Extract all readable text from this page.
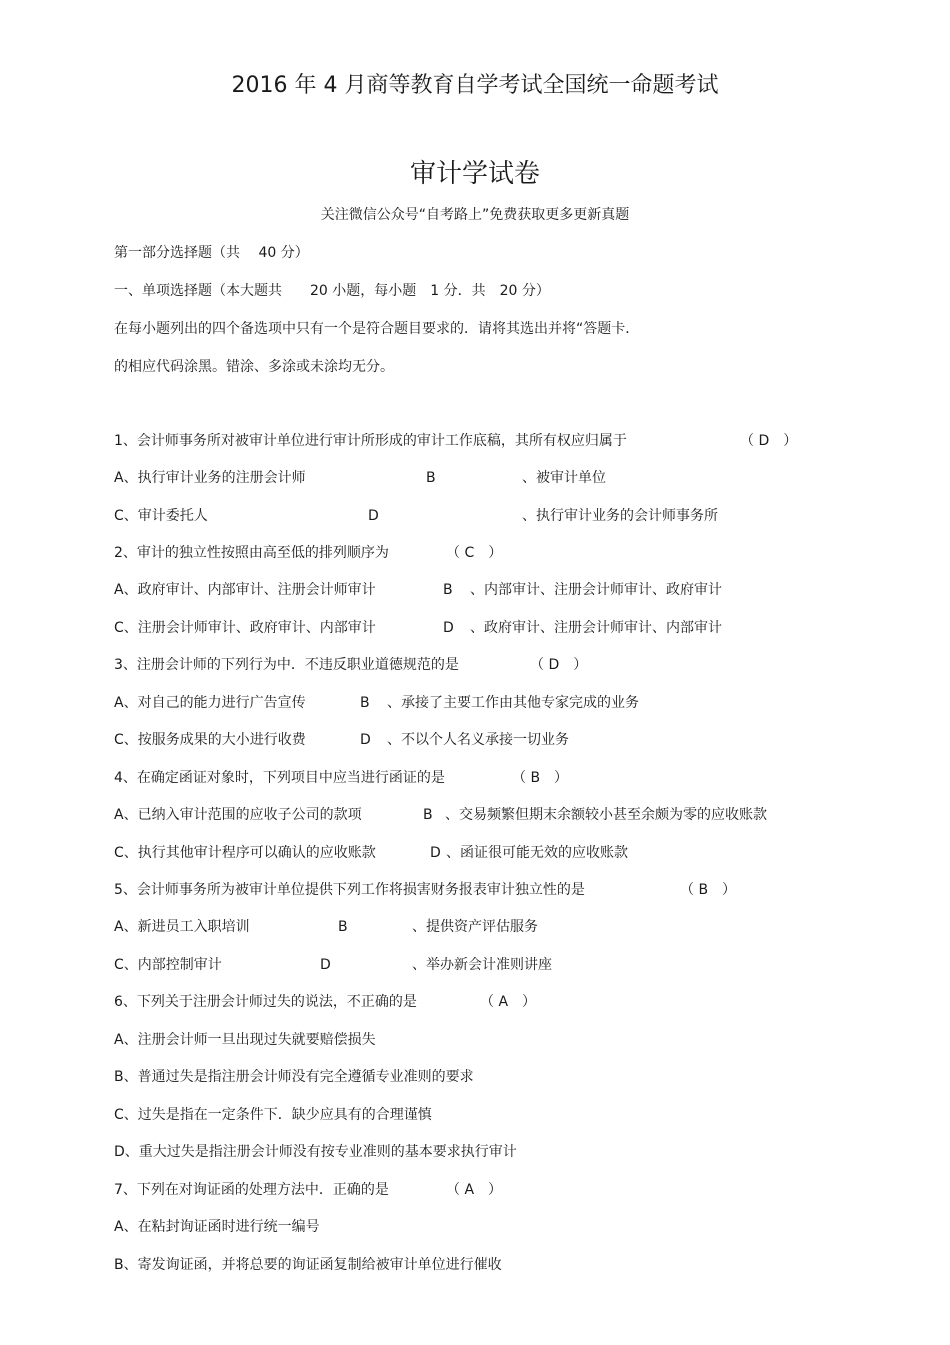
2016 年 4 月商等教育自学考试全国统一命题考试
审计学试卷
关注微信公众号“自考路上”免费获取更多更新真题
第一部分选择题（共　 40 分）
一、单项选择题（本大题共　　20 小题，每小题　1 分．共　20 分）
在每小题列出的四个备选项中只有一个是符合题目要求的．请将其选出并将“答题卡．
的相应代码涂黑。错涂、多涂或未涂均无分。
1、会计师事务所对被审计单位进行审计所形成的审计工作底稿，其所有权应归属于	（ D　）
A、执行审计业务的注册会计师	B	、被审计单位
C、审计委托人	D	、执行审计业务的会计师事务所
2、审计的独立性按照由高至低的排列顺序为	（ C　）
A、政府审计、内部审计、注册会计师审计	B 、内部审计、注册会计师审计、政府审计
C、注册会计师审计、政府审计、内部审计	D 、政府审计、注册会计师审计、内部审计
3、注册会计师的下列行为中．不违反职业道德规范的是	（ D　）
A、对自己的能力进行广告宣传	B 、承接了主要工作由其他专家完成的业务
C、按服务成果的大小进行收费	D 、不以个人名义承接一切业务
4、在确定函证对象时，下列项目中应当进行函证的是	（ B　）
A、已纳入审计范围的应收子公司的款项	B 、交易频繁但期末余额较小甚至余颇为零的应收账款
C、执行其他审计程序可以确认的应收账款	D 、函证很可能无效的应收账款
5、会计师事务所为被审计单位提供下列工作将损害财务报表审计独立性的是	（ B　）
A、新进员工入职培训	B	、提供资产评估服务
C、内部控制审计	D	、举办新会计准则讲座
6、下列关于注册会计师过失的说法，不正确的是	（ A　）
A、注册会计师一旦出现过失就要赔偿损失
B、普通过失是指注册会计师没有完全遵循专业准则的要求
C、过失是指在一定条件下．缺少应具有的合理谨慎
D、重大过失是指注册会计师没有按专业准则的基本要求执行审计
7、下列在对询证函的处理方法中．正确的是	（ A　）
A、在粘封询证函时进行统一编号
B、寄发询证函，并将总要的询证函复制给被审计单位进行催收
